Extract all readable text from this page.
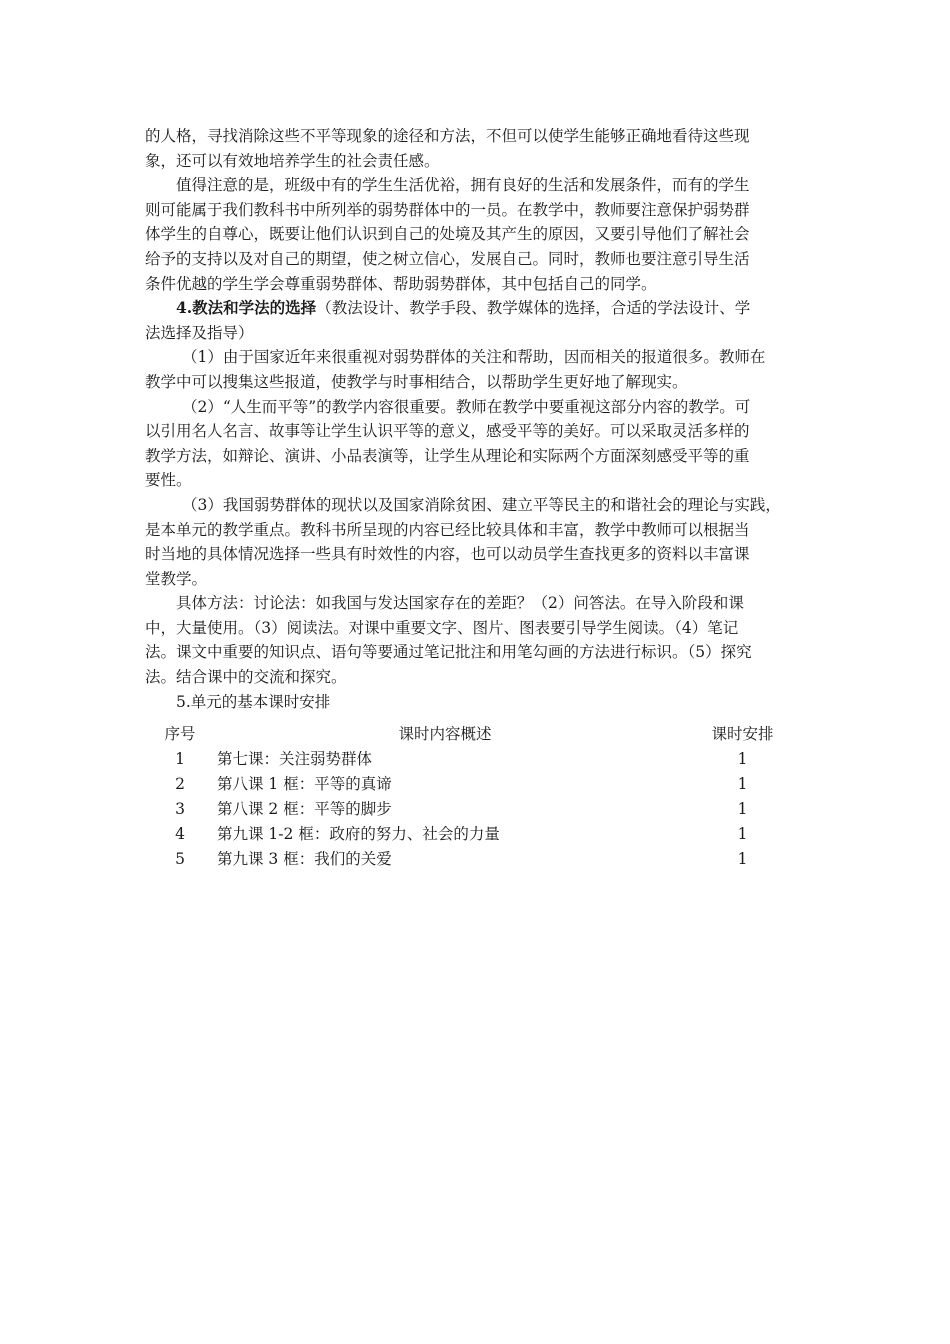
的人格，寻找消除这些不平等现象的途径和方法，不但可以使学生能够正确地看待这些现
象，还可以有效地培养学生的社会责任感。
值得注意的是，班级中有的学生生活优裕，拥有良好的生活和发展条件，而有的学生
则可能属于我们教科书中所列举的弱势群体中的一员。在教学中，教师要注意保护弱势群
体学生的自尊心，既要让他们认识到自己的处境及其产生的原因，又要引导他们了解社会
给予的支持以及对自己的期望，使之树立信心，发展自己。同时，教师也要注意引导生活
条件优越的学生学会尊重弱势群体、帮助弱势群体，其中包括自己的同学。
4.教法和学法的选择（教法设计、教学手段、教学媒体的选择，合适的学法设计、学
法选择及指导）
（1）由于国家近年来很重视对弱势群体的关注和帮助，因而相关的报道很多。教师在
教学中可以搜集这些报道，使教学与时事相结合，以帮助学生更好地了解现实。
（2）“人生而平等”的教学内容很重要。教师在教学中要重视这部分内容的教学。可
以引用名人名言、故事等让学生认识平等的意义，感受平等的美好。可以采取灵活多样的
教学方法，如辩论、演讲、小品表演等，让学生从理论和实际两个方面深刻感受平等的重
要性。
（3）我国弱势群体的现状以及国家消除贫困、建立平等民主的和谐社会的理论与实践，
是本单元的教学重点。教科书所呈现的内容已经比较具体和丰富，教学中教师可以根据当
时当地的具体情况选择一些具有时效性的内容，也可以动员学生查找更多的资料以丰富课
堂教学。
具体方法：讨论法：如我国与发达国家存在的差距？（2）问答法。在导入阶段和课
中，大量使用。（3）阅读法。对课中重要文字、图片、图表要引导学生阅读。（4）笔记
法。课文中重要的知识点、语句等要通过笔记批注和用笔勾画的方法进行标识。（5）探究
法。结合课中的交流和探究。
5.单元的基本课时安排
序号	课时内容概述	课时安排
1	第七课：关注弱势群体	1
2	第八课 1 框：平等的真谛	1
3	第八课 2 框：平等的脚步	1
4	第九课 1-2 框：政府的努力、社会的力量	1
5	第九课 3 框：我们的关爱	1
